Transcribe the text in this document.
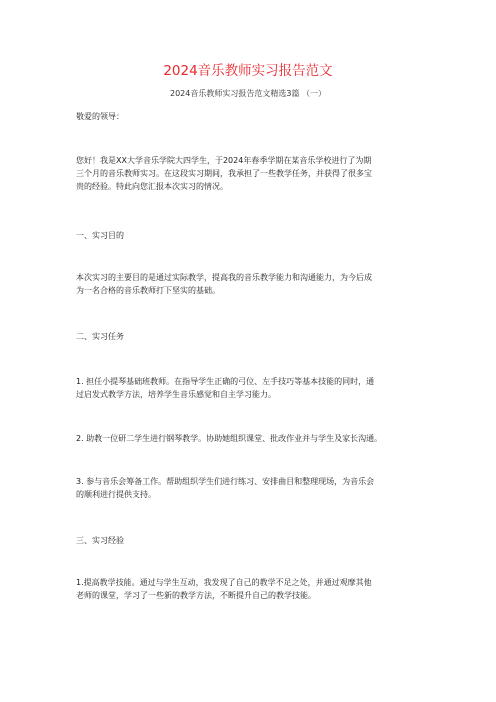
2024音乐教师实习报告范文
2024音乐教师实习报告范文精选3篇 （一）
敬爱的领导：
您好！我是XX大学音乐学院大四学生，于2024年春季学期在某音乐学校进行了为期
三个月的音乐教师实习。在这段实习期间，我承担了一些教学任务，并获得了很多宝
贵的经验。特此向您汇报本次实习的情况。
一、实习目的
本次实习的主要目的是通过实际教学，提高我的音乐教学能力和沟通能力，为今后成
为一名合格的音乐教师打下坚实的基础。
二、实习任务
1. 担任小提琴基础班教师。在指导学生正确的弓位、左手技巧等基本技能的同时，通
过启发式教学方法，培养学生音乐感觉和自主学习能力。
2. 助教一位研二学生进行钢琴教学。协助她组织课堂、批改作业并与学生及家长沟通。
3. 参与音乐会筹备工作。帮助组织学生们进行练习、安排曲目和整理现场，为音乐会
的顺利进行提供支持。
三、实习经验
1.提高教学技能。通过与学生互动，我发现了自己的教学不足之处，并通过观摩其他
老师的课堂，学习了一些新的教学方法，不断提升自己的教学技能。
